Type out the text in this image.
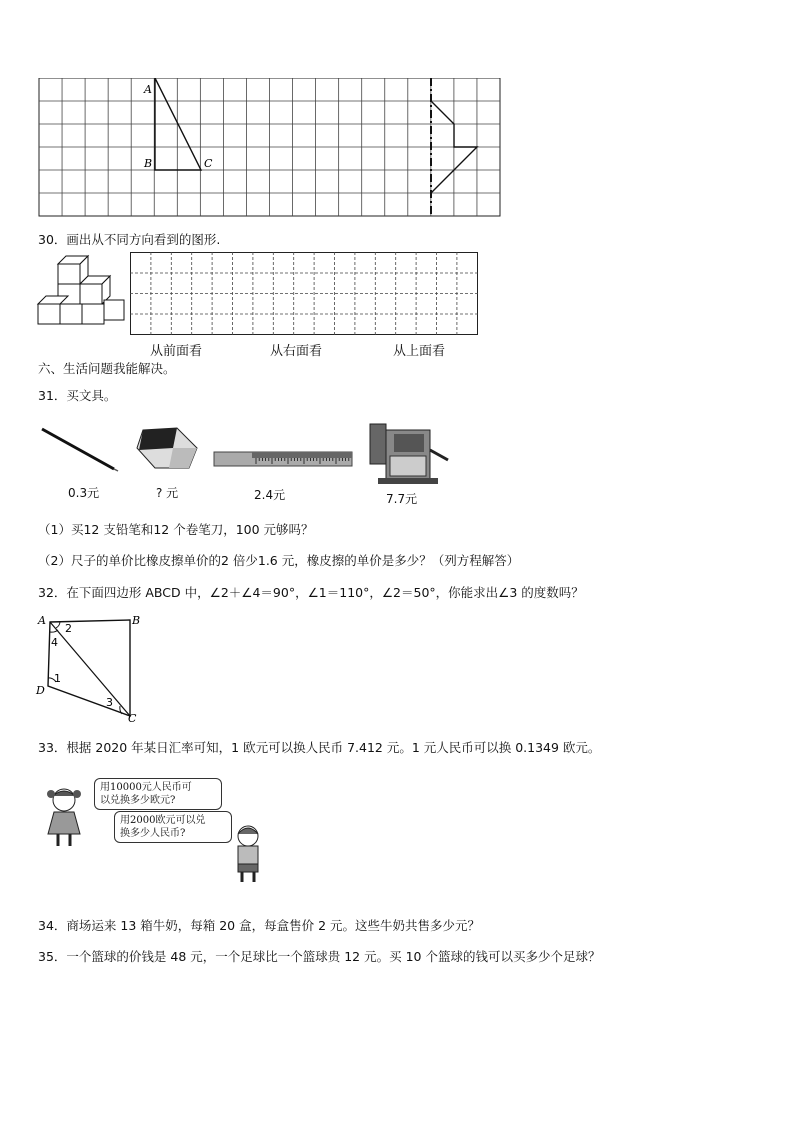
A
B	C
30．画出从不同方向看到的图形.
从前面看	从右面看	从上面看
六、生活问题我能解决。
31．买文具。
0.3元	? 元	2.4元	7.7元
（1）买12 支铅笔和12 个卷笔刀，100 元够吗？
（2）尺子的单价比橡皮擦单价的2 倍少1.6 元，橡皮擦的单价是多少？（列方程解答）
32．在下面四边形 ABCD 中，∠2＋∠4＝90°，∠1＝110°，∠2＝50°，你能求出∠3 的度数吗？
A	B
C
D
2
4
1
3
33．根据 2020 年某日汇率可知，1 欧元可以换人民币 7.412 元。1 元人民币可以换 0.1349 欧元。
用10000元人民币可
以兑换多少欧元?
用2000欧元可以兑
换多少人民币?
34．商场运来 13 箱牛奶，每箱 20 盒，每盒售价 2 元。这些牛奶共售多少元？
35．一个篮球的价钱是 48 元，一个足球比一个篮球贵 12 元。买 10 个篮球的钱可以买多少个足球？
